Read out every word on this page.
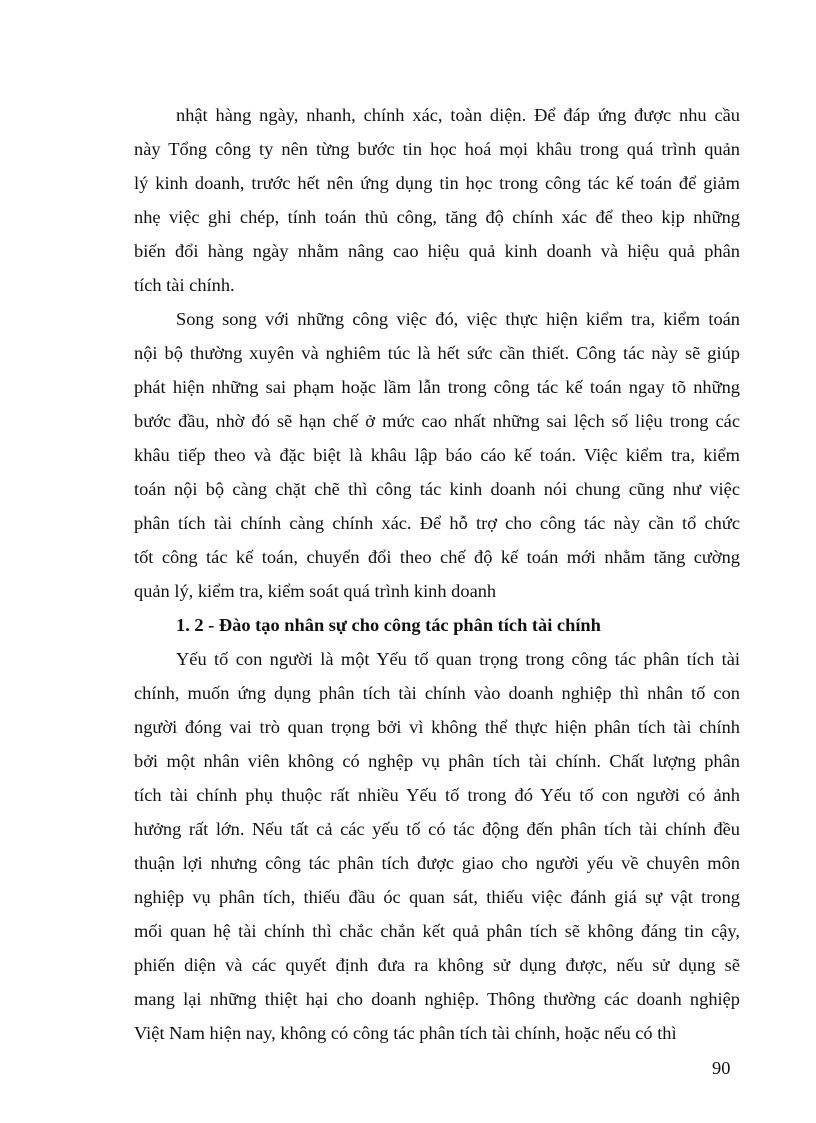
nhật hàng ngày, nhanh, chính xác, toàn diện. Để đáp ứng được nhu cầu
này Tổng công ty nên từng bước tin học hoá mọi khâu trong quá trình quản
lý kinh doanh, trước hết nên ứng dụng tin học trong công tác kế toán để giảm
nhẹ việc ghi chép, tính toán thủ công, tăng độ chính xác để theo kịp những
biến đổi hàng ngày nhằm nâng cao hiệu quả kinh doanh và hiệu quả phân
tích tài chính.
Song song với những công việc đó, việc thực hiện kiểm tra, kiểm toán
nội bộ thường xuyên và nghiêm túc là hết sức cần thiết. Công tác này sẽ giúp
phát hiện những sai phạm hoặc lầm lẫn trong công tác kế toán ngay tõ những
bước đầu, nhờ đó sẽ hạn chế ở mức cao nhất những sai lệch số liệu trong các
khâu tiếp theo và đặc biệt là khâu lập báo cáo kế toán. Việc kiểm tra, kiểm
toán nội bộ càng chặt chẽ thì công tác kinh doanh nói chung cũng như việc
phân tích tài chính càng chính xác. Để hỗ trợ cho công tác này cần tổ chức
tốt công tác kế toán, chuyển đổi theo chế độ kế toán mới nhằm tăng cường
quản lý, kiểm tra, kiểm soát quá trình kinh doanh
1. 2 - Đào tạo nhân sự cho công tác phân tích tài chính
Yếu tố con người là một Yếu tố quan trọng trong công tác phân tích tài
chính, muốn ứng dụng phân tích tài chính vào doanh nghiệp thì nhân tố con
người đóng vai trò quan trọng bởi vì không thể thực hiện phân tích tài chính
bởi một nhân viên không có nghệp vụ phân tích tài chính. Chất lượng phân
tích tài chính phụ thuộc rất nhiều Yếu tố trong đó Yếu tố con người có ảnh
hưởng rất lớn. Nếu tất cả các yếu tố có tác động đến phân tích tài chính đều
thuận lợi nhưng công tác phân tích được giao cho người yếu về chuyên môn
nghiệp vụ phân tích, thiếu đầu óc quan sát, thiếu việc đánh giá sự vật trong
mối quan hệ tài chính thì chắc chắn kết quả phân tích sẽ không đáng tin cậy,
phiến diện và các quyết định đưa ra không sử dụng được, nếu sử dụng sẽ
mang lại những thiệt hại cho doanh nghiệp. Thông thường các doanh nghiệp
Việt Nam hiện nay, không có công tác phân tích tài chính, hoặc nếu có thì
90
